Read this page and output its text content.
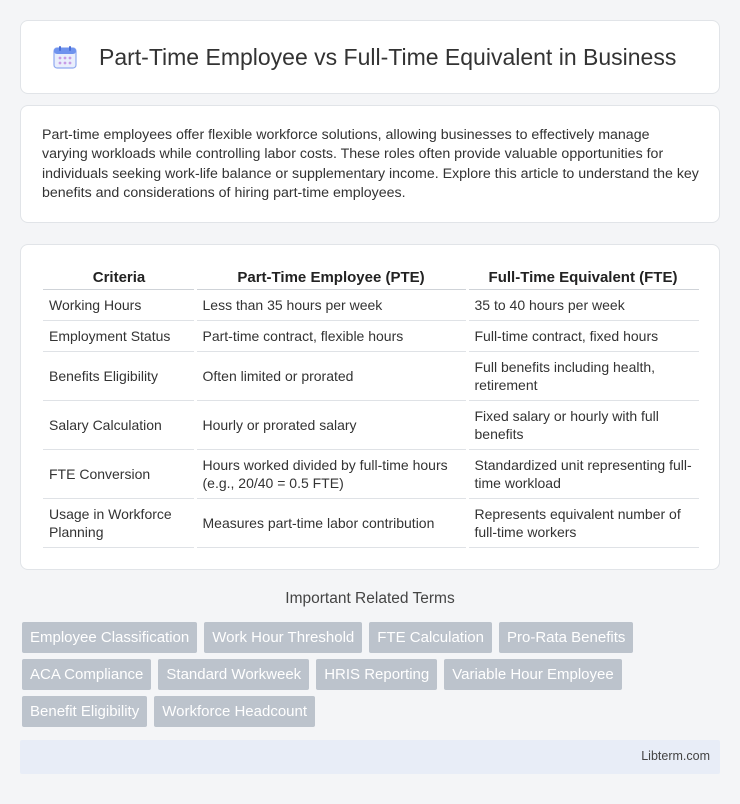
Part-Time Employee vs Full-Time Equivalent in Business

Part-time employees offer flexible workforce solutions, allowing businesses to effectively manage varying workloads while controlling labor costs. These roles often provide valuable opportunities for individuals seeking work-life balance or supplementary income. Explore this article to understand the key benefits and considerations of hiring part-time employees.

Criteria	Part-Time Employee (PTE)	Full-Time Equivalent (FTE)
Working Hours	Less than 35 hours per week	35 to 40 hours per week
Employment Status	Part-time contract, flexible hours	Full-time contract, fixed hours
Benefits Eligibility	Often limited or prorated	Full benefits including health, retirement
Salary Calculation	Hourly or prorated salary	Fixed salary or hourly with full benefits
FTE Conversion	Hours worked divided by full-time hours (e.g., 20/40 = 0.5 FTE)	Standardized unit representing full-time workload
Usage in Workforce Planning	Measures part-time labor contribution	Represents equivalent number of full-time workers
Important Related Terms
Employee Classification	Work Hour Threshold	FTE Calculation	Pro-Rata Benefits
ACA Compliance	Standard Workweek	HRIS Reporting	Variable Hour Employee
Benefit Eligibility	Workforce Headcount
Libterm.com
